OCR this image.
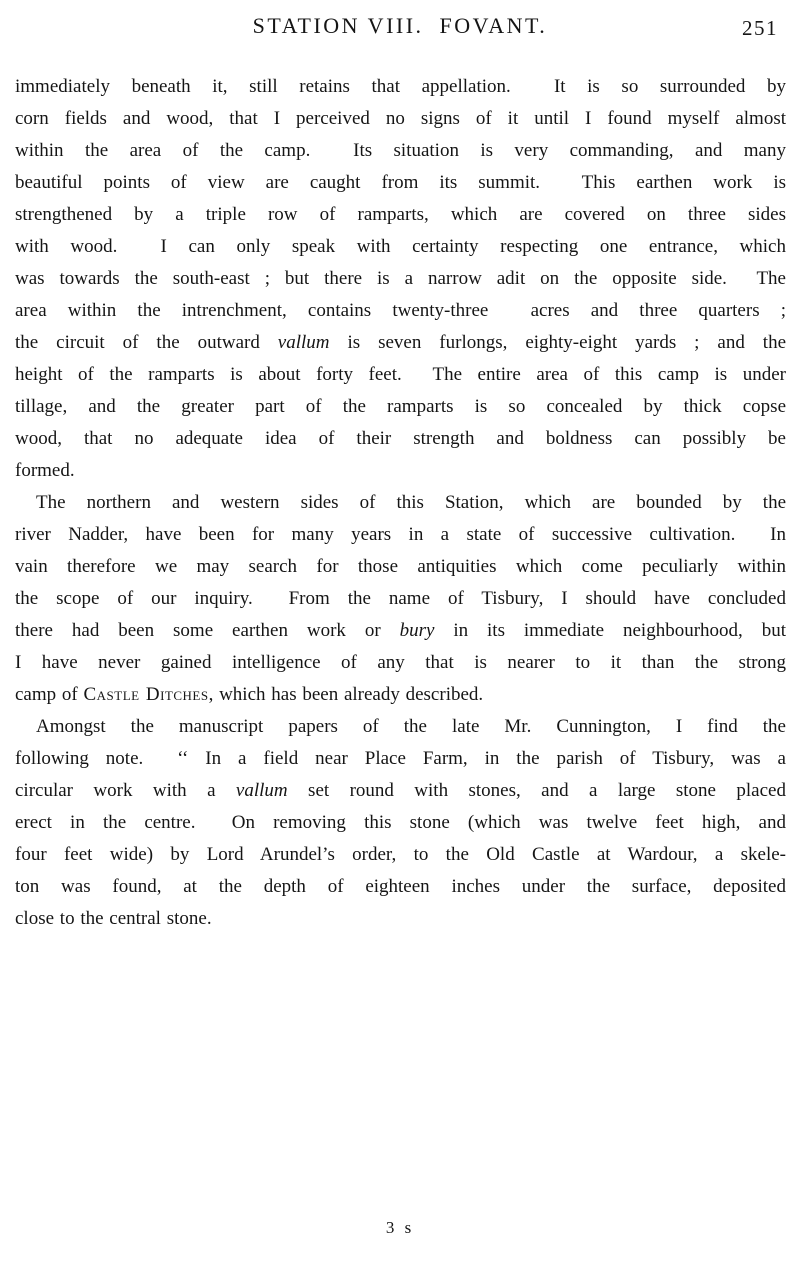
STATION VIII.  FOVANT.	251
immediately beneath it, still retains that appellation.  It is so surrounded by
corn fields and wood, that I perceived no signs of it until I found myself almost
within the area of the camp.  Its situation is very commanding, and many
beautiful points of view are caught from its summit.  This earthen work is
strengthened by a triple row of ramparts, which are covered on three sides
with wood.  I can only speak with certainty respecting one entrance, which
was towards the south-east ; but there is a narrow adit on the opposite side.  The
area within the intrenchment, contains twenty-three  acres and three quarters ;
the circuit of the outward vallum is seven furlongs, eighty-eight yards ; and the
height of the ramparts is about forty feet.  The entire area of this camp is under
tillage, and the greater part of the ramparts is so concealed by thick copse
wood, that no adequate idea of their strength and boldness can possibly be
formed.
The northern and western sides of this Station, which are bounded by the
river Nadder, have been for many years in a state of successive cultivation.  In
vain therefore we may search for those antiquities which come peculiarly within
the scope of our inquiry.  From the name of Tisbury, I should have concluded
there had been some earthen work or bury in its immediate neighbourhood, but
I have never gained intelligence of any that is nearer to it than the strong
camp of Castle Ditches, which has been already described.
Amongst the manuscript papers of the late Mr. Cunnington, I find the
following note.  ‘‘ In a field near Place Farm, in the parish of Tisbury, was a
circular work with a vallum set round with stones, and a large stone placed
erect in the centre.  On removing this stone (which was twelve feet high, and
four feet wide) by Lord Arundel’s order, to the Old Castle at Wardour, a skele-
ton was found, at the depth of eighteen inches under the surface, deposited
close to the central stone.
3 s
